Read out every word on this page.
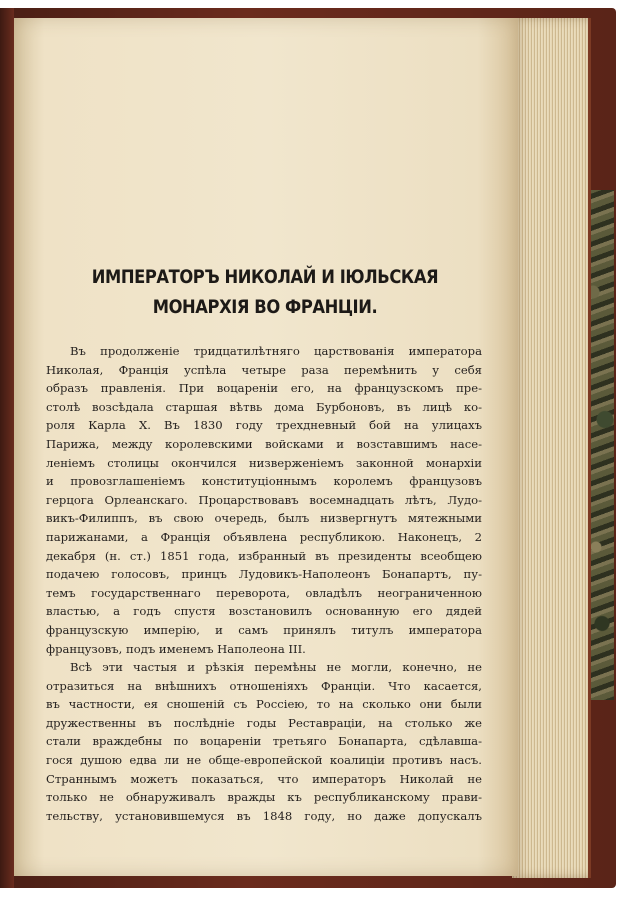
ИМПЕРАТОРЪ НИКОЛАЙ И ІЮЛЬСКАЯ МОНАРХІЯ ВО ФРАНЦІИ.
Въ продолженіе тридцатилѣтняго царствованія императора
Николая, Франція успѣла четыре раза перемѣнить у себя
образъ правленія. При воцареніи его, на французскомъ пре-
столѣ возсѣдала старшая вѣтвь дома Бурбоновъ, въ лицѣ ко-
роля Карла X. Въ 1830 году трехдневный бой на улицахъ
Парижа, между королевскими войсками и возставшимъ насе-
леніемъ столицы окончился низверженіемъ законной монархіи
и провозглашеніемъ конституціоннымъ королемъ французовъ
герцога Орлеанскаго. Процарствовавъ восемнадцать лѣтъ, Лудо-
викъ-Филиппъ, въ свою очередь, былъ низвергнутъ мятежными
парижанами, а Франція объявлена республикою. Наконецъ, 2
декабря (н. ст.) 1851 года, избранный въ президенты всеобщею
подачею голосовъ, принцъ Лудовикъ-Наполеонъ Бонапартъ, пу-
темъ государственнаго переворота, овладѣлъ неограниченною
властью, а годъ спустя возстановилъ основанную его дядей
французскую имперію, и самъ принялъ титулъ императора
французовъ, подъ именемъ Наполеона III.
Всѣ эти частыя и рѣзкія перемѣны не могли, конечно, не
отразиться на внѣшнихъ отношеніяхъ Франціи. Что касается,
въ частности, ея сношеній съ Россіею, то на сколько они были
дружественны въ послѣдніе годы Реставраціи, на столько же
стали враждебны по воцареніи третьяго Бонапарта, сдѣлавша-
гося душою едва ли не обще-европейской коалиціи противъ насъ.
Страннымъ можетъ показаться, что императоръ Николай не
только не обнаруживалъ вражды къ республиканскому прави-
тельству, установившемуся въ 1848 году, но даже допускалъ
